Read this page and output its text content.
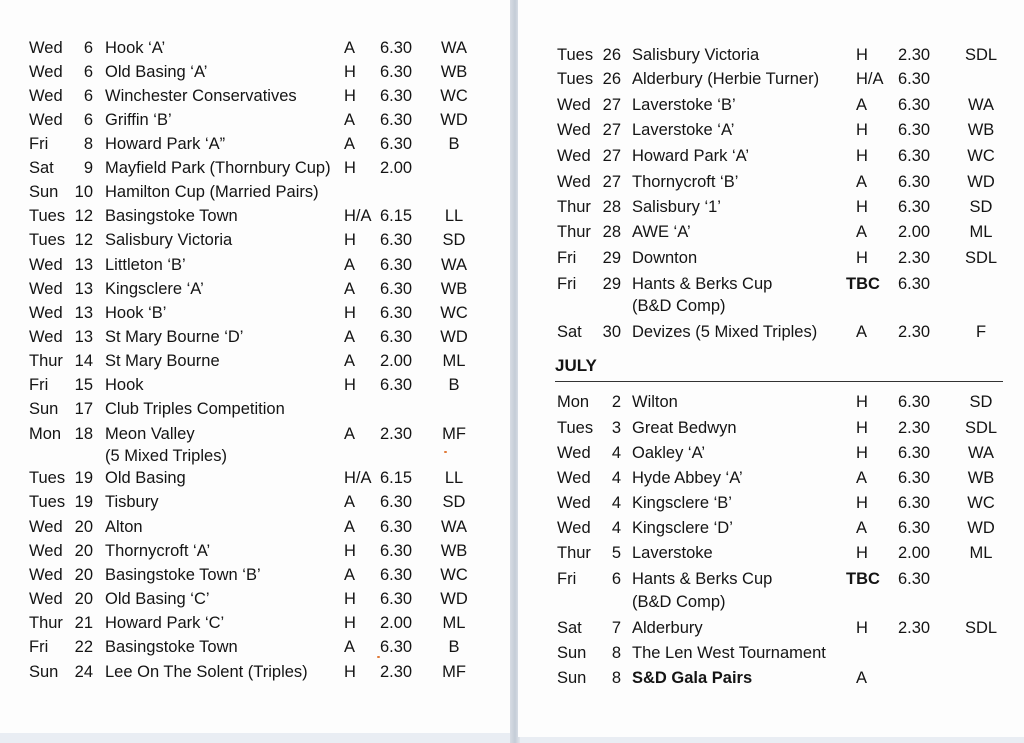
Wed	6 Hook ‘A’	A 6.30 WA
Wed	6 Old Basing ‘A’	H 6.30 WB
Wed	6 Winchester Conservatives	H 6.30 WC
Wed	6 Griffin ‘B’	A 6.30 WD
Fri	8 Howard Park ‘A”	A 6.30	B
Sat	9 Mayfield Park (Thornbury Cup) H 2.00
Sun 10 Hamilton Cup (Married Pairs)
Tues 12 Basingstoke Town	H/A 6.15	LL
Tues 12 Salisbury Victoria	H 6.30 SD
Wed 13 Littleton ‘B’	A 6.30 WA
Wed 13 Kingsclere ‘A’	A 6.30 WB
Wed 13 Hook ‘B’	H 6.30 WC
Wed 13 St Mary Bourne ‘D’	A 6.30 WD
Thur 14 St Mary Bourne	A 2.00 ML
Fri	15 Hook	H 6.30	B
Sun 17 Club Triples Competition
Mon 18 Meon Valley	A 2.30 MF
(5 Mixed Triples)
Tues 19 Old Basing	H/A 6.15	LL
Tues 19 Tisbury	A 6.30 SD
Wed 20 Alton	A 6.30 WA
Wed 20 Thornycroft ‘A’	H 6.30 WB
Wed 20 Basingstoke Town ‘B’	A 6.30 WC
Wed 20 Old Basing ‘C’	H 6.30 WD
Thur 21 Howard Park ‘C’	H 2.00 ML
Fri	22 Basingstoke Town	A 6.30	B
Sun 24 Lee On The Solent (Triples) H 2.30 MF
JULY
Tues 26 Salisbury Victoria	H 2.30 SDL
Tues 26 Alderbury (Herbie Turner) H/A 6.30
Wed 27 Laverstoke ‘B’	A 6.30	WA
Wed 27 Laverstoke ‘A’	H 6.30	WB
Wed 27 Howard Park ‘A’	H 6.30	WC
Wed 27 Thornycroft ‘B’	A 6.30	WD
Thur 28 Salisbury ‘1’	H 6.30	SD
Thur 28 AWE ‘A’	A 2.00	ML
Fri	29 Downton	H 2.30 SDL
Fri	29 Hants & Berks Cup	TBC 6.30
(B&D Comp)
Sat	30 Devizes (5 Mixed Triples) A 2.30	F
Mon	2 Wilton	H 6.30	SD
Tues	3 Great Bedwyn	H 2.30 SDL
Wed	4 Oakley ‘A’	H 6.30	WA
Wed	4 Hyde Abbey ‘A’	A 6.30	WB
Wed	4 Kingsclere ‘B’	H 6.30	WC
Wed	4 Kingsclere ‘D’	A 6.30	WD
Thur	5 Laverstoke	H 2.00	ML
Fri	6 Hants & Berks Cup	TBC 6.30
(B&D Comp)
Sat	7 Alderbury	H 2.30 SDL
Sun	8 The Len West Tournament
Sun	8 S&D Gala Pairs	A
